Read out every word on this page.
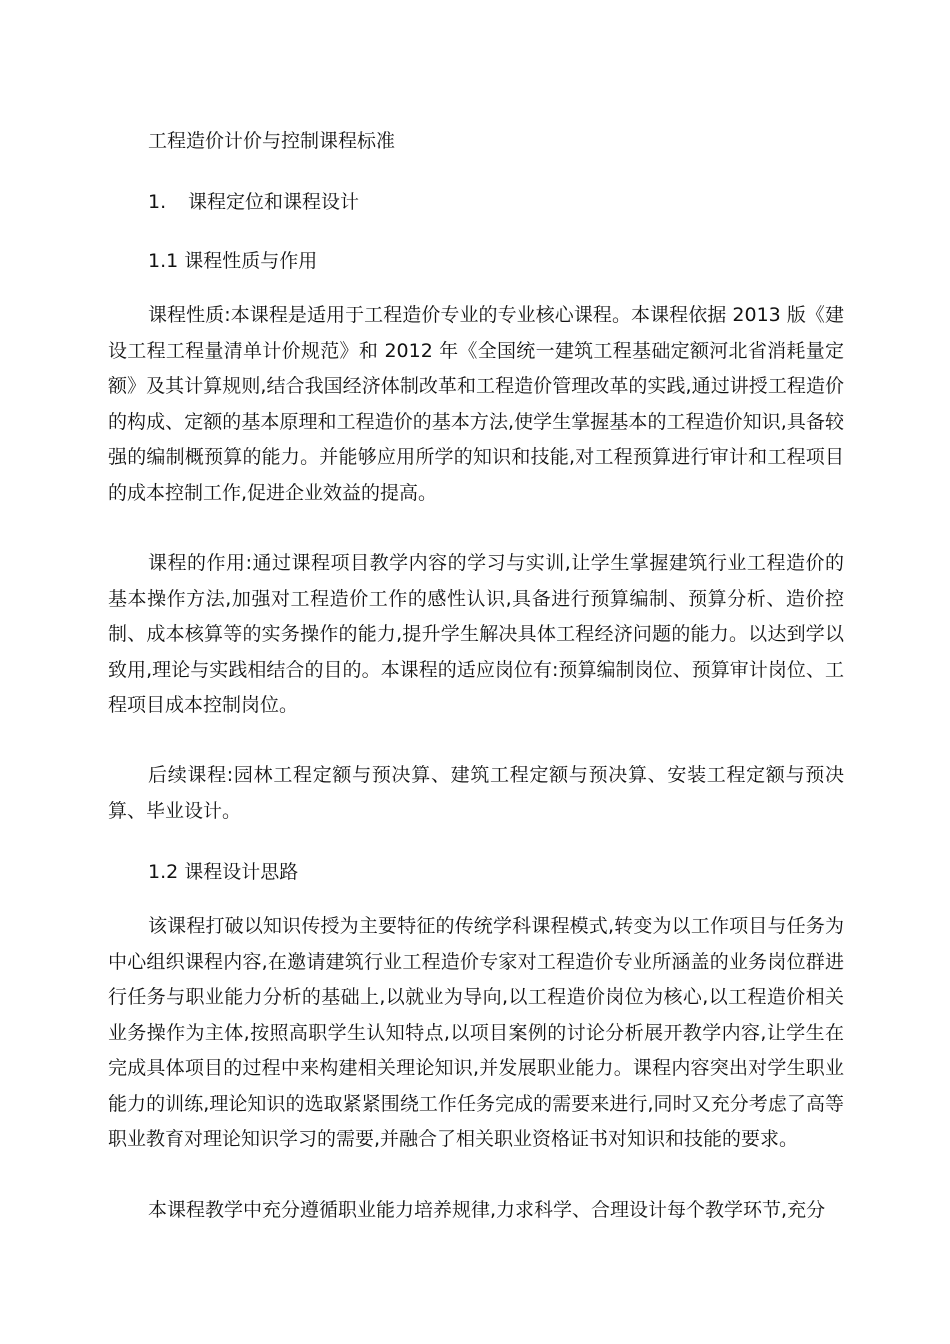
工程造价计价与控制课程标准
1. 课程定位和课程设计
1.1 课程性质与作用

课程性质:本课程是适用于工程造价专业的专业核心课程。本课程依据 2013 版《建设工程工程量清单计价规范》和 2012 年《全国统一建筑工程基础定额河北省消耗量定额》及其计算规则,结合我国经济体制改革和工程造价管理改革的实践,通过讲授工程造价的构成、定额的基本原理和工程造价的基本方法,使学生掌握基本的工程造价知识,具备较强的编制概预算的能力。并能够应用所学的知识和技能,对工程预算进行审计和工程项目的成本控制工作,促进企业效益的提高。

课程的作用:通过课程项目教学内容的学习与实训,让学生掌握建筑行业工程造价的基本操作方法,加强对工程造价工作的感性认识,具备进行预算编制、预算分析、造价控制、成本核算等的实务操作的能力,提升学生解决具体工程经济问题的能力。以达到学以致用,理论与实践相结合的目的。本课程的适应岗位有:预算编制岗位、预算审计岗位、工程项目成本控制岗位。

后续课程:园林工程定额与预决算、建筑工程定额与预决算、安装工程定额与预决算、毕业设计。

1.2 课程设计思路

该课程打破以知识传授为主要特征的传统学科课程模式,转变为以工作项目与任务为中心组织课程内容,在邀请建筑行业工程造价专家对工程造价专业所涵盖的业务岗位群进行任务与职业能力分析的基础上,以就业为导向,以工程造价岗位为核心,以工程造价相关业务操作为主体,按照高职学生认知特点,以项目案例的讨论分析展开教学内容,让学生在完成具体项目的过程中来构建相关理论知识,并发展职业能力。课程内容突出对学生职业能力的训练,理论知识的选取紧紧围绕工作任务完成的需要来进行,同时又充分考虑了高等职业教育对理论知识学习的需要,并融合了相关职业资格证书对知识和技能的要求。

本课程教学中充分遵循职业能力培养规律,力求科学、合理设计每个教学环节,充分
